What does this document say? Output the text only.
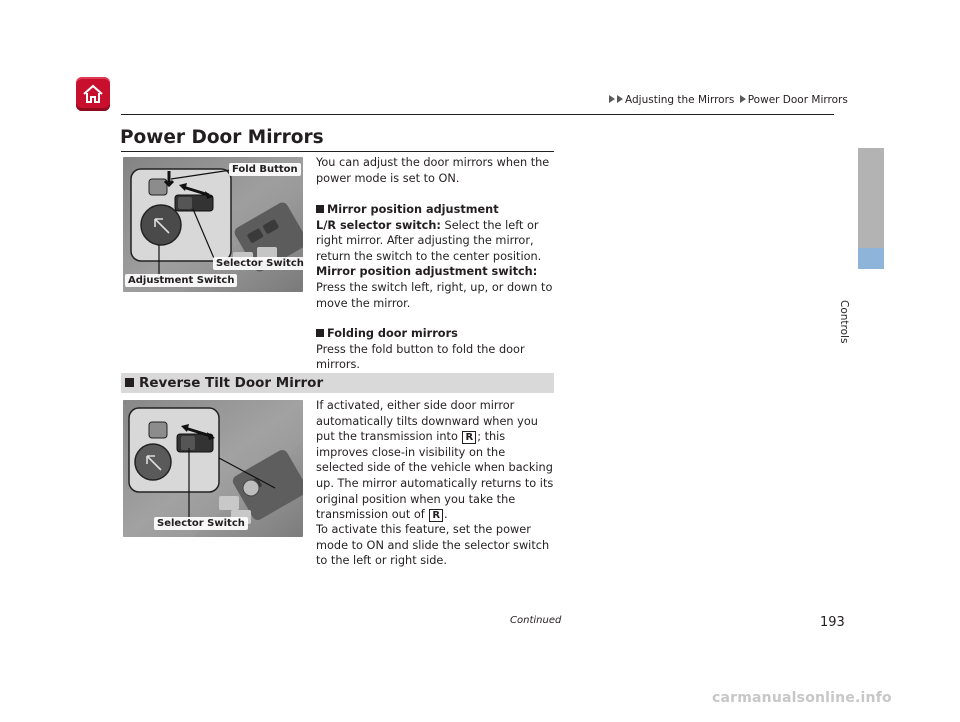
Adjusting the Mirrors Power Door Mirrors
Controls
Power Door Mirrors
Fold Button
Selector Switch
Adjustment Switch
You can adjust the door mirrors when the power mode is set to ON.
Mirror position adjustment
L/R selector switch: Select the left or right mirror. After adjusting the mirror, return the switch to the center position.
Mirror position adjustment switch: Press the switch left, right, up, or down to move the mirror.
Folding door mirrors
Press the fold button to fold the door mirrors.
Reverse Tilt Door Mirror
Selector Switch
If activated, either side door mirror automatically tilts downward when you put the transmission into R ; this improves close-in visibility on the selected side of the vehicle when backing up. The mirror automatically returns to its original position when you take the transmission out of R .
To activate this feature, set the power mode to ON and slide the selector switch to the left or right side.
Continued	193
carmanualsonline.info
